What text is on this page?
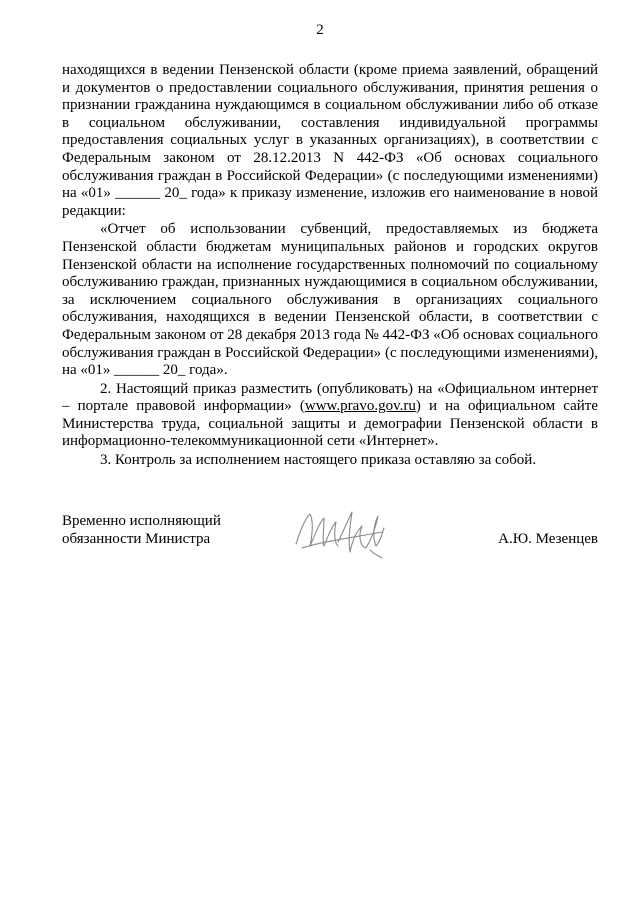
2

находящихся в ведении Пензенской области (кроме приема заявлений, обращений и документов о предоставлении социального обслуживания, принятия решения о признании гражданина нуждающимся в социальном обслуживании либо об отказе в социальном обслуживании, составления индивидуальной программы предоставления социальных услуг в указанных организациях), в соответствии с Федеральным законом от 28.12.2013 N 442-ФЗ «Об основах социального обслуживания граждан в Российской Федерации» (с последующими изменениями) на «01» ______ 20_ года» к приказу изменение, изложив его наименование в новой редакции:

«Отчет об использовании субвенций, предоставляемых из бюджета Пензенской области бюджетам муниципальных районов и городских округов Пензенской области на исполнение государственных полномочий по социальному обслуживанию граждан, признанных нуждающимися в социальном обслуживании, за исключением социального обслуживания в организациях социального обслуживания, находящихся в ведении Пензенской области, в соответствии с Федеральным законом от 28 декабря 2013 года № 442-ФЗ «Об основах социального обслуживания граждан в Российской Федерации» (с последующими изменениями), на «01» ______ 20_ года».

2. Настоящий приказ разместить (опубликовать) на «Официальном интернет – портале правовой информации» (www.pravo.gov.ru) и на официальном сайте Министерства труда, социальной защиты и демографии Пензенской области в информационно-телекоммуникационной сети «Интернет».

3. Контроль за исполнением настоящего приказа оставляю за собой.

Временно исполняющий
обязанности Министра	А.Ю. Мезенцев
